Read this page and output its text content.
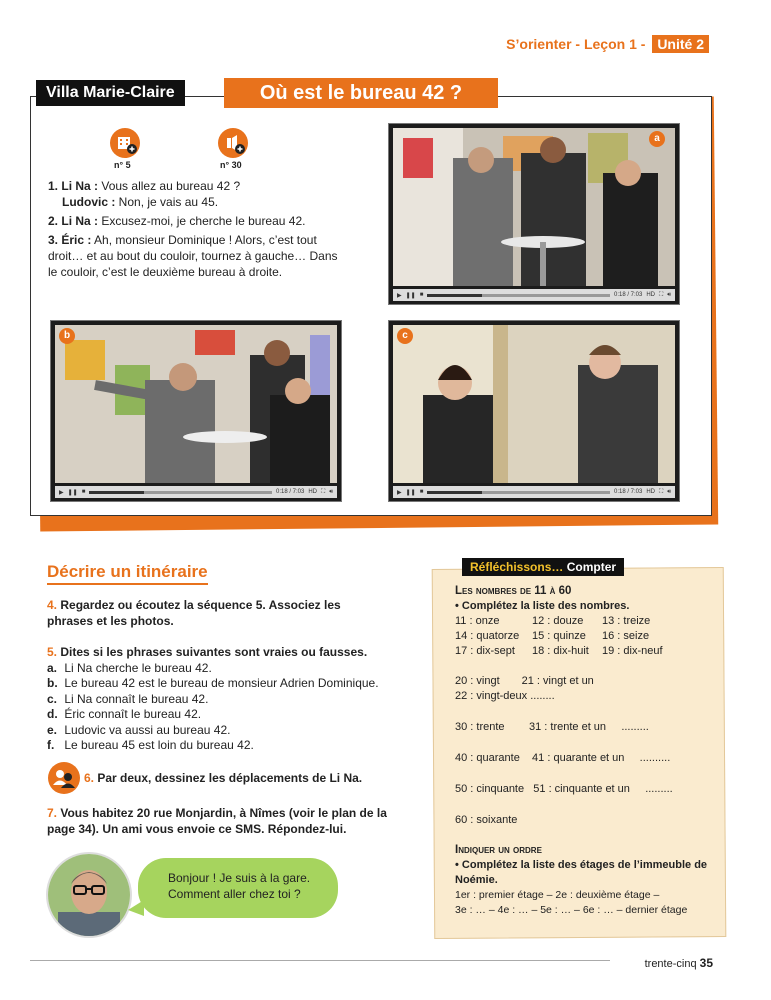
S’orienter - Leçon 1 - Unité 2
Villa Marie-Claire	Où est le bureau 42 ?
n° 5	n° 30

1. Li Na : Vous allez au bureau 42 ?

Ludovic : Non, je vais au 45.

2. Li Na : Excusez-moi, je cherche le bureau 42.

3. Éric : Ah, monsieur Dominique ! Alors, c’est tout droit… et au bout du couloir, tournez à gauche… Dans le couloir, c’est le deuxième bureau à droite.

a
▶ ❚❚ ■	0:18 / 7:03 HD ⛶ 🔊︎
b
▶ ❚❚ ■	0:18 / 7:03 HD ⛶ 🔊︎
c
▶ ❚❚ ■	0:18 / 7:03 HD ⛶ 🔊︎
Décrire un itinéraire
4. Regardez ou écoutez la séquence 5. Associez les phrases et les photos.
5. Dites si les phrases suivantes sont vraies ou fausses.
a. Li Na cherche le bureau 42.
b. Le bureau 42 est le bureau de monsieur Adrien Dominique.
c. Li Na connaît le bureau 42.
d. Éric connaît le bureau 42.
e. Ludovic va aussi au bureau 42.
f. Le bureau 45 est loin du bureau 42.
6. Par deux, dessinez les déplacements de Li Na.
7. Vous habitez 20 rue Monjardin, à Nîmes (voir le plan de la page 34). Un ami vous envoie ce SMS. Répondez-lui.
Bonjour ! Je suis à la gare.
Comment aller chez toi ?
Réfléchissons… Compter
Les nombres de 11 à 60
• Complétez la liste des nombres.
11 : onze	12 : douze	13 : treize
14 : quatorze	15 : quinze	16 : seize
17 : dix-sept	18 : dix-huit	19 : dix-neuf
20 : vingt 21 : vingt et un
22 : vingt-deux ........
30 : trente        31 : trente et un     .........
40 : quarante    41 : quarante et un     ..........
50 : cinquante   51 : cinquante et un     .........
60 : soixante
Indiquer un ordre
• Complétez la liste des étages de l’immeuble de Noémie.
1er : premier étage – 2e : deuxième étage –
3e : … – 4e : … – 5e : … – 6e : … – dernier étage
trente-cinq 35
